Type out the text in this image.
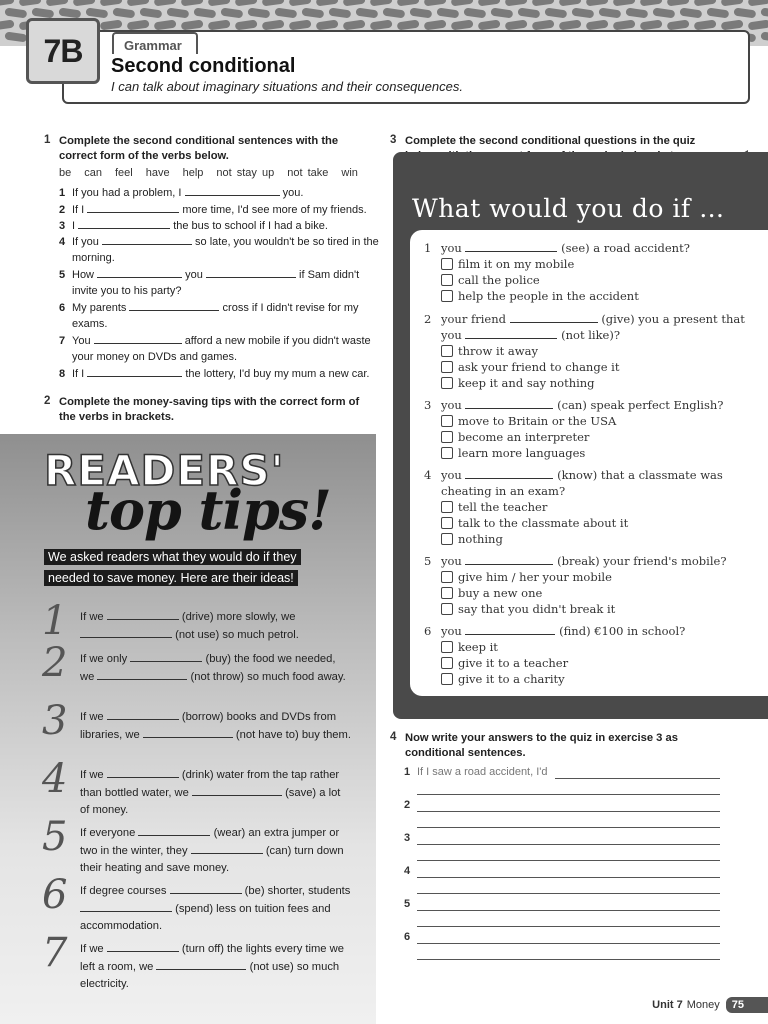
7B	Grammar
Second conditional
I can talk about imaginary situations and their consequences.
1 Complete the second conditional sentences with the correct form of the verbs below.
be can feel have help not stay up not take win
1 If you had a problem, I	you.
2 If I	more time, I'd see more of my friends.
3 I	the bus to school if I had a bike.
4 If you	so late, you wouldn't be so tired in the morning.
5 How	you	if Sam didn't invite you to his party?
6 My parents	cross if I didn't revise for my exams.
7 You	afford a new mobile if you didn't waste your money on DVDs and games.
8 If I	the lottery, I'd buy my mum a new car.
2 Complete the money-saving tips with the correct form of the verbs in brackets.
READERS'
top tips!
We asked readers what they would do if they
needed to save money. Here are their ideas!
1 If we	(drive) more slowly, we  (not use) so much petrol.
2 If we only	(buy) the food we needed, we	(not throw) so much food away.
3 If we	(borrow) books and DVDs from libraries, we	(not have to) buy them.
4 If we	(drink) water from the tap rather than bottled water, we	(save) a lot of money.
5 If everyone	(wear) an extra jumper or two in the winter, they	(can) turn down their heating and save money.
6 If degree courses	(be) shorter, students  (spend) less on tuition fees and accommodation.
7 If we	(turn off) the lights every time we left a room, we	(not use) so much electricity.
3 Complete the second conditional questions in the quiz
What would you do if …
1 you	(see) a road accident?
film it on my mobile
call the police
help the people in the accident
2 your friend	(give) you a present that you	(not like)?
throw it away
ask your friend to change it
keep it and say nothing
3 you	(can) speak perfect English?
move to Britain or the USA
become an interpreter
learn more languages
4 you	(know) that a classmate was cheating in an exam?
tell the teacher
talk to the classmate about it
nothing
5 you	(break) your friend's mobile?
give him / her your mobile
buy a new one
say that you didn't break it
6 you	(find) €100 in school?
keep it
give it to a teacher
give it to a charity
4 Now write your answers to the quiz in exercise 3 as conditional sentences.
1 If I saw a road accident, I'd
2
3
4
5
6
Unit 7 Money	75
